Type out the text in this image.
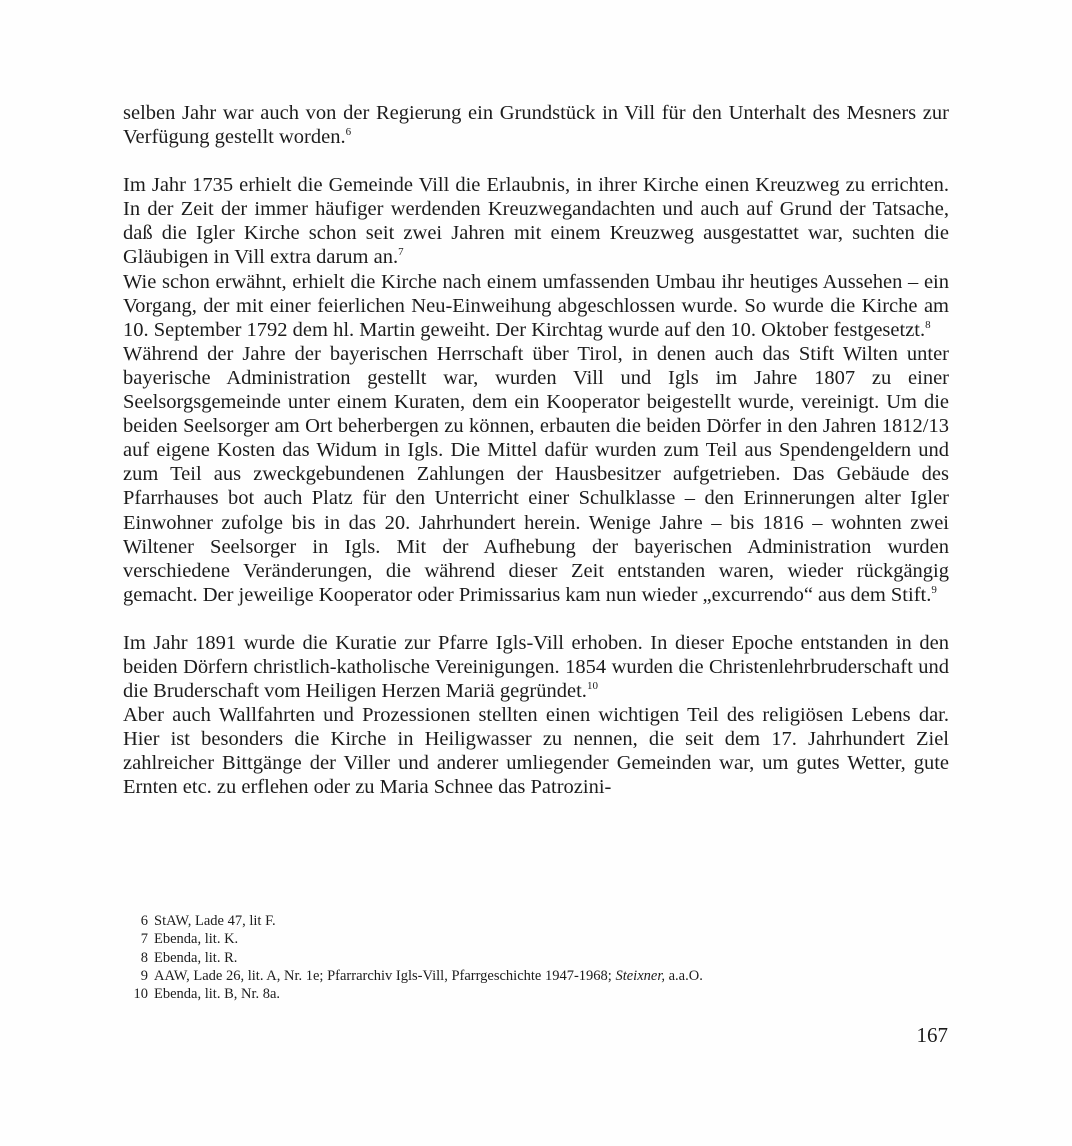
selben Jahr war auch von der Regierung ein Grundstück in Vill für den Unterhalt des Mesners zur Verfügung gestellt worden.$^6$

Im Jahr 1735 erhielt die Gemeinde Vill die Erlaubnis, in ihrer Kirche einen Kreuzweg zu errichten. In der Zeit der immer häufiger werdenden Kreuzwegandachten und auch auf Grund der Tatsache, daß die Igler Kirche schon seit zwei Jahren mit einem Kreuzweg ausgestattet war, suchten die Gläubigen in Vill extra darum an.$^7$

Wie schon erwähnt, erhielt die Kirche nach einem umfassenden Umbau ihr heutiges Aussehen – ein Vorgang, der mit einer feierlichen Neu-Einweihung abgeschlossen wurde. So wurde die Kirche am 10. September 1792 dem hl. Martin geweiht. Der Kirchtag wurde auf den 10. Oktober festgesetzt.$^8$

Während der Jahre der bayerischen Herrschaft über Tirol, in denen auch das Stift Wilten unter bayerische Administration gestellt war, wurden Vill und Igls im Jahre 1807 zu einer Seelsorgsgemeinde unter einem Kuraten, dem ein Kooperator beigestellt wurde, vereinigt. Um die beiden Seelsorger am Ort beherbergen zu können, erbauten die beiden Dörfer in den Jahren 1812/13 auf eigene Kosten das Widum in Igls. Die Mittel dafür wurden zum Teil aus Spendengeldern und zum Teil aus zweckgebundenen Zahlungen der Hausbesitzer aufgetrieben. Das Gebäude des Pfarrhauses bot auch Platz für den Unterricht einer Schulklasse – den Erinnerungen alter Igler Einwohner zufolge bis in das 20. Jahrhundert herein. Wenige Jahre – bis 1816 – wohnten zwei Wiltener Seelsorger in Igls. Mit der Aufhebung der bayerischen Administration wurden verschiedene Veränderungen, die während dieser Zeit entstanden waren, wieder rückgängig gemacht. Der jeweilige Kooperator oder Primissarius kam nun wieder „excurrendo“ aus dem Stift.$^9$

Im Jahr 1891 wurde die Kuratie zur Pfarre Igls-Vill erhoben. In dieser Epoche entstanden in den beiden Dörfern christlich-katholische Vereinigungen. 1854 wurden die Christenlehrbruderschaft und die Bruderschaft vom Heiligen Herzen Mariä gegründet.$^{10}$

Aber auch Wallfahrten und Prozessionen stellten einen wichtigen Teil des religiösen Lebens dar. Hier ist besonders die Kirche in Heiligwasser zu nennen, die seit dem 17. Jahrhundert Ziel zahlreicher Bittgänge der Viller und anderer umliegender Gemeinden war, um gutes Wetter, gute Ernten etc. zu erflehen oder zu Maria Schnee das Patrozini-

6 StAW, Lade 47, lit F.
7 Ebenda, lit. K.
8 Ebenda, lit. R.
9 AAW, Lade 26, lit. A, Nr. 1e; Pfarrarchiv Igls-Vill, Pfarrgeschichte 1947-1968; Steixner, a.a.O.
10 Ebenda, lit. B, Nr. 8a.
167
